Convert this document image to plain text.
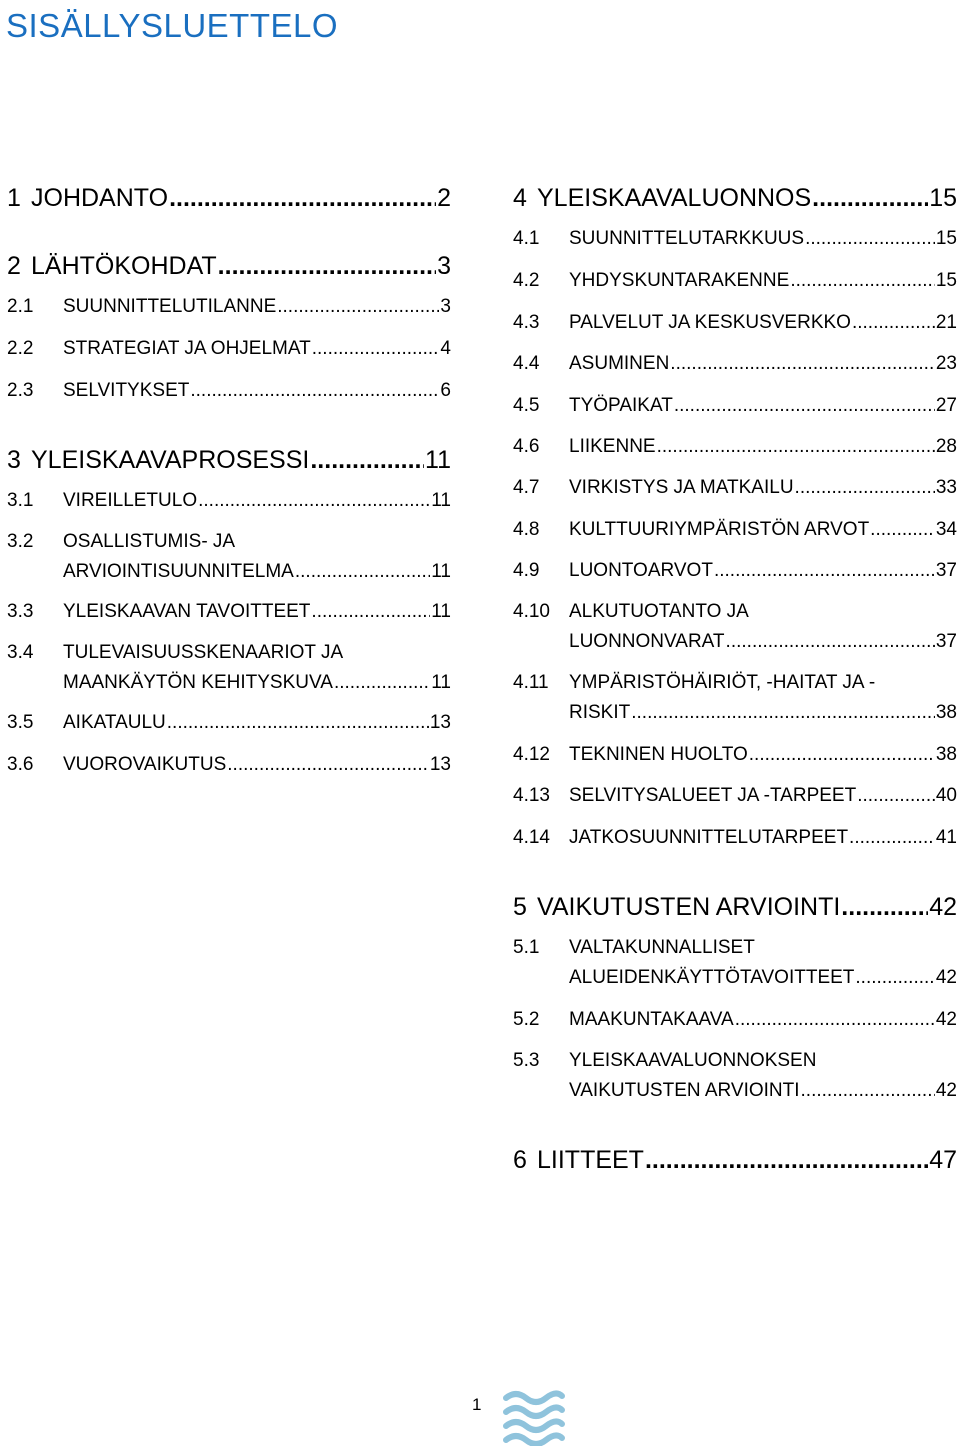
SISÄLLYSLUETTELO
1 JOHDANTO .....	2
2 LÄHTÖKOHDAT .....	3
2.1 SUUNNITTELUTILANNE .....	3
2.2 STRATEGIAT JA OHJELMAT .....	4
2.3 SELVITYKSET .....	6
3 YLEISKAAVAPROSESSI .....	11
3.1 VIREILLETULO .....	11
3.2 OSALLISTUMIS- JA
ARVIOINTISUUNNITELMA .....	11
3.3 YLEISKAAVAN TAVOITTEET .....	11
3.4 TULEVAISUUSSKENAARIOT JA
MAANKÄYTÖN KEHITYSKUVA .....	11
3.5 AIKATAULU .....	13
3.6 VUOROVAIKUTUS .....	13
4 YLEISKAAVALUONNOS .....	15
4.1 SUUNNITTELUTARKKUUS .....	15
4.2 YHDYSKUNTARAKENNE .....	15
4.3 PALVELUT JA KESKUSVERKKO .....	21
4.4 ASUMINEN .....	23
4.5 TYÖPAIKAT .....	27
4.6 LIIKENNE .....	28
4.7 VIRKISTYS JA MATKAILU .....	33
4.8 KULTTUURIYMPÄRISTÖN ARVOT .....	34
4.9 LUONTOARVOT .....	37
4.10 ALKUTUOTANTO JA
LUONNONVARAT .....	37
4.11 YMPÄRISTÖHÄIRIÖT, -HAITAT JA -
RISKIT .....	38
4.12 TEKNINEN HUOLTO .....	38
4.13 SELVITYSALUEET JA -TARPEET .....	40
4.14 JATKOSUUNNITTELUTARPEET .....	41
5 VAIKUTUSTEN ARVIOINTI .....	42
5.1 VALTAKUNNALLISET
ALUEIDENKÄYTTÖTAVOITTEET .....	42
5.2 MAAKUNTAKAAVA .....	42
5.3 YLEISKAAVALUONNOKSEN
VAIKUTUSTEN ARVIOINTI .....	42
6 LIITTEET .....	47
1
